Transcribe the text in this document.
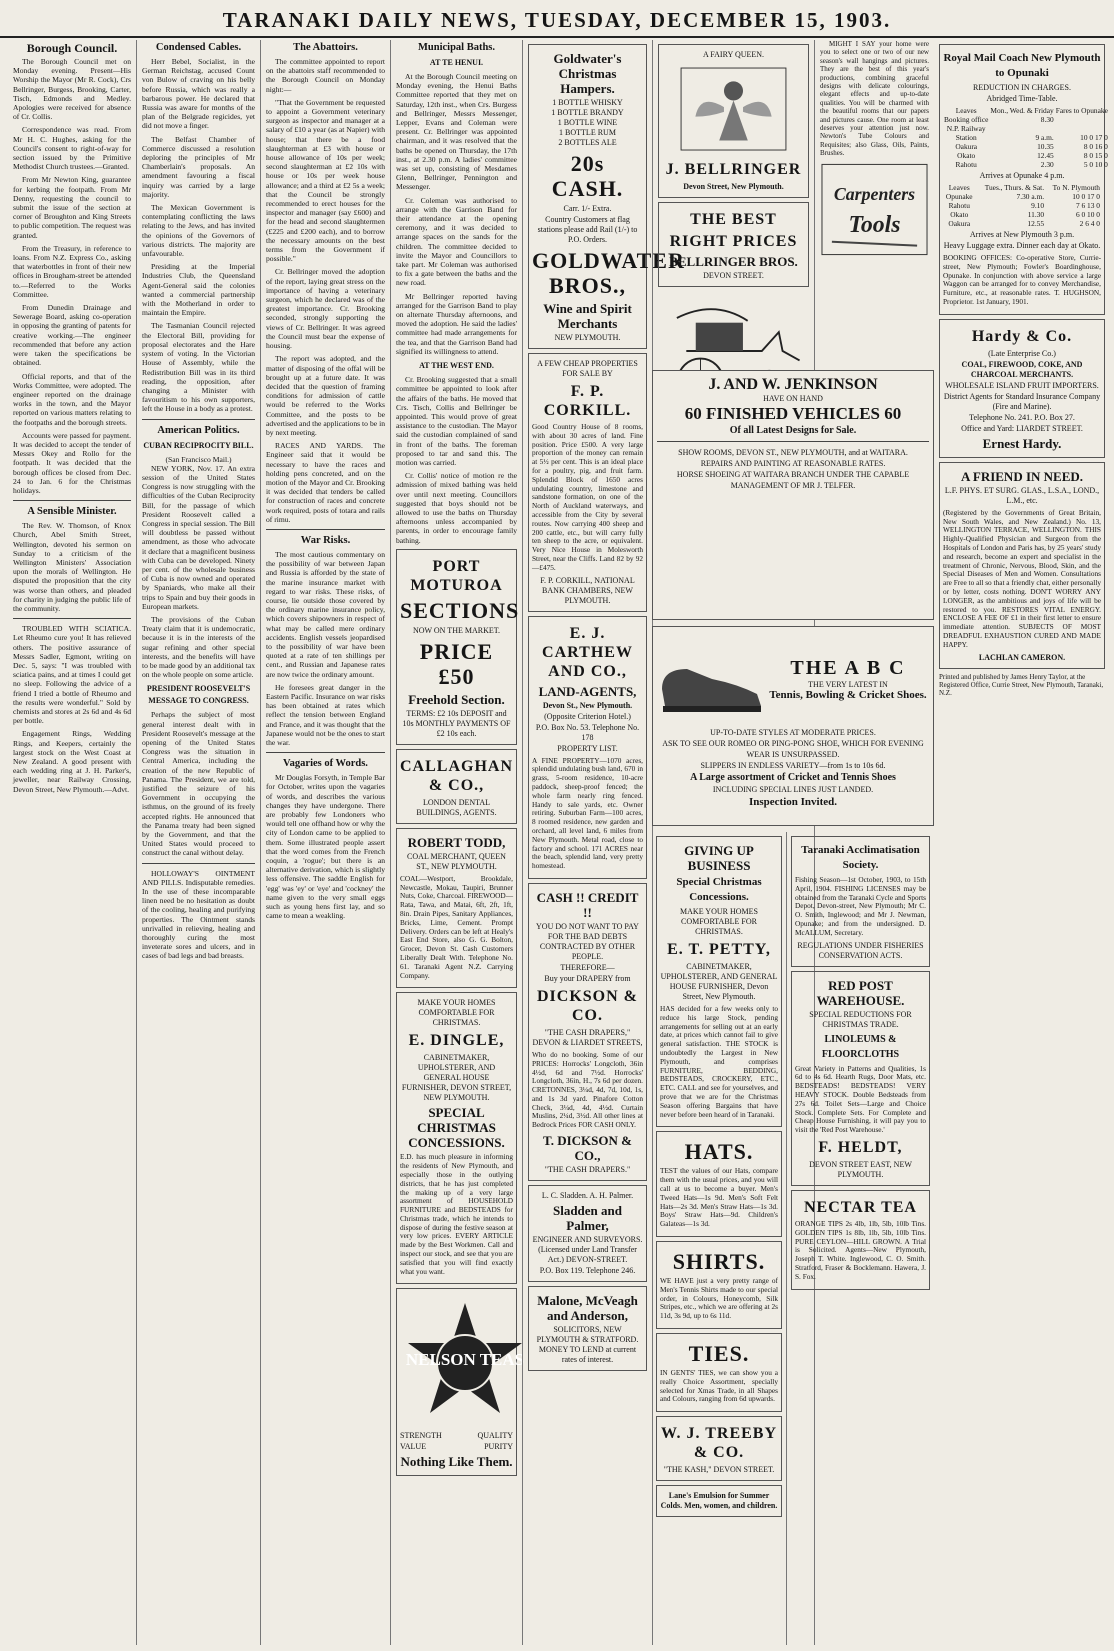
TARANAKI DAILY NEWS, TUESDAY, DECEMBER 15, 1903.
Borough Council.

The Borough Council met on Monday evening. Present—His Worship the Mayor (Mr R. Cock), Crs Bellringer, Burgess, Brooking, Carter, Tisch, Edmonds and Medley. Apologies were received for absence of Cr. Collis.

Correspondence was read. From Mr H. C. Hughes, asking for the Council's consent to right-of-way for section issued by the Primitive Methodist Church trustees.—Granted.

From Mr Newton King, guarantee for kerbing the footpath. From Mr Denny, requesting the council to submit the issue of the section at corner of Broughton and King Streets to public competition. The request was granted.

From the Treasury, in reference to loans. From N.Z. Express Co., asking that waterbottles in front of their new offices in Brougham-street be attended to.—Referred to the Works Committee.

From Dunedin Drainage and Sewerage Board, asking co-operation in opposing the granting of patents for creative working.—The engineer recommended that before any action were taken the specifications be obtained.

Official reports, and that of the Works Committee, were adopted. The engineer reported on the drainage works in the town, and the Mayor reported on various matters relating to the footpaths and the borough streets.

Accounts were passed for payment. It was decided to accept the tender of Messrs Okey and Rollo for the footpath. It was decided that the borough offices be closed from Dec. 24 to Jan. 6 for the Christmas holidays.

A Sensible Minister.

The Rev. W. Thomson, of Knox Church, Abel Smith Street, Wellington, devoted his sermon on Sunday to a criticism of the Wellington Ministers' Association upon the morals of Wellington. He disputed the proposition that the city was worse than others, and pleaded for charity in judging the public life of the community.

TROUBLED WITH SCIATICA. Let Rheumo cure you! It has relieved others. The positive assurance of Messrs Sadler, Egmont, writing on Dec. 5, says: "I was troubled with sciatica pains, and at times I could get no sleep. Following the advice of a friend I tried a bottle of Rheumo and the results were wonderful." Sold by chemists and stores at 2s 6d and 4s 6d per bottle.

Engagement Rings, Wedding Rings, and Keepers, certainly the largest stock on the West Coast at New Zealand. A good present with each wedding ring at J. H. Parker's, jeweller, near Railway Crossing, Devon Street, New Plymouth.—Advt.

Condensed Cables.

Herr Bebel, Socialist, in the German Reichstag, accused Count von Bulow of craving on his belly before Russia, which was really a barbarous power. He declared that Russia was aware for months of the plan of the Belgrade regicides, yet did not move a finger.

The Belfast Chamber of Commerce discussed a resolution deploring the principles of Mr Chamberlain's proposals. An amendment favouring a fiscal inquiry was carried by a large majority.

The Mexican Government is contemplating conflicting the laws relating to the Jews, and has invited the opinions of the Governors of various districts. The majority are unfavourable.

Presiding at the Imperial Industries Club, the Queensland Agent-General said the colonies wanted a commercial partnership with the Motherland in order to maintain the Empire.

The Tasmanian Council rejected the Electoral Bill, providing for proposal electorates and the Hare system of voting. In the Victorian House of Assembly, while the Redistribution Bill was in its third reading, the opposition, after changing a Minister with favouritism to his own supporters, left the House in a body as a protest.

American Politics.
CUBAN RECIPROCITY BILL.
(San Francisco Mail.)

NEW YORK, Nov. 17. An extra session of the United States Congress is now struggling with the difficulties of the Cuban Reciprocity Bill, for the passage of which President Roosevelt called a Congress in special session. The Bill will doubtless be passed without amendment, as those who advocate it declare that a magnificent business with Cuba can be developed. Ninety per cent. of the wholesale business of Cuba is now owned and operated by Spaniards, who make all their trips to Spain and buy their goods in European markets.

The provisions of the Cuban Treaty claim that it is undemocratic, because it is in the interests of the sugar refining and other special interests, and the benefits will have to be made good by an additional tax on the whole people on some article.

PRESIDENT ROOSEVELT'S MESSAGE TO CONGRESS.

Perhaps the subject of most general interest dealt with in President Roosevelt's message at the opening of the United States Congress was the situation in Central America, including the creation of the new Republic of Panama. The President, we are told, justified the seizure of his Government in occupying the isthmus, on the ground of its freely accepted rights. He announced that the Panama treaty had been signed by the Government, and that the United States would proceed to construct the canal without delay.

HOLLOWAY'S OINTMENT AND PILLS. Indisputable remedies. In the use of these incomparable linen need be no hesitation as doubt of the cooling, healing and purifying properties. The Ointment stands unrivalled in relieving, healing and thoroughly curing the most inveterate sores and ulcers, and in cases of bad legs and bad breasts.

The Abattoirs.

The committee appointed to report on the abattoirs staff recommended to the Borough Council on Monday night:—

"That the Government be requested to appoint a Government veterinary surgeon as inspector and manager at a salary of £10 a year (as at Napier) with house; that there be a food slaughterman at £3 with house or house allowance of 10s per week; second slaughterman at £2 10s with house or 10s per week house allowance; and a third at £2 5s a week; that the Council be strongly recommended to erect houses for the inspector and manager (say £600) and for the head and second slaughtermen (£225 and £200 each), and to borrow the necessary amounts on the best terms from the Government if possible."

Cr. Bellringer moved the adoption of the report, laying great stress on the importance of having a veterinary surgeon, which he declared was of the greatest importance. Cr. Brooking seconded, strongly supporting the views of Cr. Bellringer. It was agreed the Council must bear the expense of housing.

The report was adopted, and the matter of disposing of the offal will be brought up at a future date. It was decided that the question of framing conditions for admission of cattle would be referred to the Works Committee, and the posts to be advertised and the applications to be in by next meeting.

RACES AND YARDS. The Engineer said that it would be necessary to have the races and holding pens concreted, and on the motion of the Mayor and Cr. Brooking it was decided that tenders be called for construction of races and concrete work required, posts of totara and rails of rimu.

War Risks.

The most cautious commentary on the possibility of war between Japan and Russia is afforded by the state of the marine insurance market with regard to war risks. These risks, of course, lie outside those covered by the ordinary marine insurance policy, which covers shipowners in respect of what may be called mere ordinary accidents. English vessels jeopardised to the possibility of war have been quoted at a rate of ten shillings per cent., and Russian and Japanese rates are now twice the ordinary amount.

He foresees great danger in the Eastern Pacific. Insurance on war risks has been obtained at rates which reflect the tension between England and France, and it was thought that the Japanese would not be the ones to start the war.

Vagaries of Words.

Mr Douglas Forsyth, in Temple Bar for October, writes upon the vagaries of words, and describes the various changes they have undergone. There are probably few Londoners who would tell one offhand how or why the city of London came to be applied to them. Some illustrated people assert that the word comes from the French coquin, a 'rogue'; but there is an alternative derivation, which is slightly less offensive. The saddle English for 'egg' was 'ey' or 'eye' and 'cockney' the name given to the very small eggs such as young hens first lay, and so came to mean a weakling.

Municipal Baths.
AT TE HENUI.

At the Borough Council meeting on Monday evening, the Henui Baths Committee reported that they met on Saturday, 12th inst., when Crs. Burgess and Bellringer, Messrs Messenger, Lepper, Evans and Coleman were present. Cr. Bellringer was appointed chairman, and it was resolved that the baths be opened on Thursday, the 17th inst., at 2.30 p.m. A ladies' committee was set up, consisting of Mesdames Glenn, Bellringer, Pennington and Messenger.

Cr. Coleman was authorised to arrange with the Garrison Band for their attendance at the opening ceremony, and it was decided to arrange spaces on the sands for the children. The committee decided to invite the Mayor and Councillors to take part. Mr Coleman was authorised to fix a gate between the baths and the new road.

Mr Bellringer reported having arranged for the Garrison Band to play on alternate Thursday afternoons, and moved the adoption. He said the ladies' committee had made arrangements for the tea, and that the Garrison Band had signified its willingness to attend.

AT THE WEST END.

Cr. Brooking suggested that a small committee be appointed to look after the affairs of the baths. He moved that Crs. Tisch, Collis and Bellringer be appointed. This would prove of great assistance to the custodian. The Mayor said the custodian complained of sand in front of the baths. The foreman proposed to tar and sand this. The motion was carried.

Cr. Collis' notice of motion re the admission of mixed bathing was held over until next meeting. Councillors suggested that boys should not be allowed to use the baths on Thursday afternoons unless accompanied by parents, in order to encourage family bathing.

PORT MOTUROA
SECTIONS
NOW ON THE MARKET.
PRICE £50
Freehold Section.
TERMS: £2 10s DEPOSIT and 10s MONTHLY PAYMENTS OF £2 10s each.
CALLAGHAN & CO.,
LONDON DENTAL BUILDINGS, AGENTS.
ROBERT TODD,
COAL MERCHANT, QUEEN ST., NEW PLYMOUTH.
COAL—Westport, Brookdale, Newcastle, Mokau, Taupiri, Brunner Nuts, Coke, Charcoal. FIREWOOD—Rata, Tawa, and Matai, 6ft, 2ft, 1ft, 8in. Drain Pipes, Sanitary Appliances, Bricks, Lime, Cement. Prompt Delivery. Orders can be left at Healy's East End Store, also G. G. Bolton, Grocer, Devon St. Cash Customers Liberally Dealt With. Telephone No. 61. Taranaki Agent N.Z. Carrying Company.
MAKE YOUR HOMES COMFORTABLE FOR CHRISTMAS.
E. DINGLE,
CABINETMAKER, UPHOLSTERER, AND GENERAL HOUSE FURNISHER, DEVON STREET, NEW PLYMOUTH.
SPECIAL CHRISTMAS CONCESSIONS.
E.D. has much pleasure in informing the residents of New Plymouth, and especially those in the outlying districts, that he has just completed the making up of a very large assortment of HOUSEHOLD FURNITURE and BEDSTEADS for Christmas trade, which he intends to dispose of during the festive season at very low prices. EVERY ARTICLE made by the Best Workmen. Call and inspect our stock, and see that you are satisfied that you will find exactly what you want.
NELSON TEAS
STRENGTH	QUALITY
VALUE	PURITY
Nothing Like Them.
Goldwater's Christmas Hampers.
1 BOTTLE WHISKY
1 BOTTLE BRANDY
1 BOTTLE WINE
1 BOTTLE RUM
2 BOTTLES ALE
20s CASH.
Carr. 1/- Extra.
Country Customers at flag stations please add Rail (1/-) to P.O. Orders.
GOLDWATER BROS.,
Wine and Spirit Merchants
NEW PLYMOUTH.
A FEW CHEAP PROPERTIES FOR SALE BY
F. P. CORKILL.
Good Country House of 8 rooms, with about 30 acres of land. Fine position. Price £500. A very large proportion of the money can remain at 5½ per cent. This is an ideal place for a poultry, pig, and fruit farm. Splendid Block of 1650 acres undulating country, limestone and sandstone formation, on one of the North of Auckland waterways, and accessible from the City by several routes. Now carrying 400 sheep and 200 cattle, etc., but will carry fully ten sheep to the acre, or equivalent. Very Nice House in Molesworth Street, near the Cliffs. Land 82 by 92—£475.
F. P. CORKILL, NATIONAL BANK CHAMBERS, NEW PLYMOUTH.
E. J. CARTHEW AND CO.,
LAND-AGENTS,
Devon St., New Plymouth.
(Opposite Criterion Hotel.)
P.O. Box No. 53. Telephone No. 178
PROPERTY LIST.
A FINE PROPERTY—1070 acres, splendid undulating bush land, 670 in grass, 5-room residence, 10-acre paddock, sheep-proof fenced; the whole farm nearly ring fenced. Handy to sale yards, etc. Owner retiring. Suburban Farm—100 acres, 8 roomed residence, new garden and orchard, all level land, 6 miles from New Plymouth. Metal road, close to factory and school. 171 ACRES near the beach, splendid land, very pretty homestead.
CASH !! CREDIT !!
YOU DO NOT WANT TO PAY FOR THE BAD DEBTS CONTRACTED BY OTHER PEOPLE.
THEREFORE—
Buy your DRAPERY from
DICKSON & CO.
"THE CASH DRAPERS," DEVON & LIARDET STREETS,
Who do no booking. Some of our PRICES: Horrocks' Longcloth, 36in 4½d, 6d and 7½d. Horrocks' Longcloth, 36in, H., 7s 6d per dozen. CRETONNES, 3¼d, 4d, 7d, 10d, 1s, and 1s 3d yard. Pinafore Cotton Check, 3¼d, 4d, 4½d. Curtain Muslins, 2¼d, 3½d. All other lines at Bedrock Prices FOR CASH ONLY.
T. DICKSON & CO.,
"THE CASH DRAPERS."
L. C. Sladden. A. H. Palmer.
Sladden and Palmer,
ENGINEER AND SURVEYORS. (Licensed under Land Transfer Act.) DEVON-STREET.
P.O. Box 119. Telephone 246.
Malone, McVeagh and Anderson,
SOLICITORS, NEW PLYMOUTH & STRATFORD. MONEY TO LEND at current rates of interest.
A FAIRY QUEEN.
J. BELLRINGER
Devon Street, New Plymouth.
THE BEST
RIGHT PRICES
BELLRINGER BROS.
DEVON STREET.

MIGHT I SAY your home were you to select one or two of our new season's wall hangings and pictures. They are the best of this year's productions, combining graceful designs with delicate colourings, elegant effects and up-to-date qualities. You will be charmed with the beautiful rooms that our papers and pictures cause. One room at least deserves your attention just now. Newton's Tube Colours and Requisites; also Glass, Oils, Paints, Brushes.

Carpenters
Tools
J. AND W. JENKINSON
HAVE ON HAND
60 FINISHED VEHICLES 60
Of all Latest Designs for Sale.
SHOW ROOMS, DEVON ST., NEW PLYMOUTH, and at WAITARA.
REPAIRS AND PAINTING AT REASONABLE RATES.
HORSE SHOEING AT WAITARA BRANCH UNDER THE CAPABLE MANAGEMENT OF MR J. TELFER.
THE A B C
THE VERY LATEST IN
Tennis, Bowling & Cricket Shoes.
UP-TO-DATE STYLES AT MODERATE PRICES.
ASK TO SEE OUR ROMEO OR PING-PONG SHOE, WHICH FOR EVENING WEAR IS UNSURPASSED.
SLIPPERS IN ENDLESS VARIETY—from 1s to 10s 6d.
A Large assortment of Cricket and Tennis Shoes
INCLUDING SPECIAL LINES JUST LANDED.
Inspection Invited.
GIVING UP BUSINESS
Special Christmas Concessions.
MAKE YOUR HOMES COMFORTABLE FOR CHRISTMAS.
E. T. PETTY,
CABINETMAKER, UPHOLSTERER, AND GENERAL HOUSE FURNISHER, Devon Street, New Plymouth.
HAS decided for a few weeks only to reduce his large Stock, pending arrangements for selling out at an early date, at prices which cannot fail to give general satisfaction. THE STOCK is undoubtedly the Largest in New Plymouth, and comprises FURNITURE, BEDDING, BEDSTEADS, CROCKERY, ETC., ETC. CALL and see for yourselves, and prove that we are for the Christmas Season offering Bargains that have never before been heard of in Taranaki.
HATS.
TEST the values of our Hats, compare them with the usual prices, and you will call at us to become a buyer. Men's Tweed Hats—1s 9d. Men's Soft Felt Hats—2s 3d. Men's Straw Hats—1s 3d. Boys' Straw Hats—9d. Children's Galateas—1s 3d.
SHIRTS.
WE HAVE just a very pretty range of Men's Tennis Shirts made to our special order, in Colours, Honeycomb, Silk Stripes, etc., which we are offering at 2s 11d, 3s 9d, up to 6s 11d.
TIES.
IN GENTS' TIES, we can show you a really Choice Assortment, specially selected for Xmas Trade, in all Shapes and Colours, ranging from 6d upwards.
W. J. TREEBY & CO.
"THE KASH," DEVON STREET.
Lane's Emulsion for Summer Colds. Men, women, and children.
Taranaki Acclimatisation Society.
Fishing Season—1st October, 1903, to 15th April, 1904. FISHING LICENSES may be obtained from the Taranaki Cycle and Sports Depot, Devon-street, New Plymouth; Mr C. O. Smith, Inglewood; and Mr J. Newman, Opunake; and from the undersigned. D. McALLUM, Secretary.
REGULATIONS UNDER FISHERIES CONSERVATION ACTS.
RED POST WAREHOUSE.
SPECIAL REDUCTIONS FOR CHRISTMAS TRADE.
LINOLEUMS & FLOORCLOTHS
Great Variety in Patterns and Qualities, 1s 6d to 4s 6d. Hearth Rugs, Door Mats, etc. BEDSTEADS! BEDSTEADS! VERY HEAVY STOCK. Double Bedsteads from 27s 6d. Toilet Sets—Large and Choice Stock. Complete Sets. For Complete and Cheap House Furnishing, it will pay you to visit the 'Red Post Warehouse.'
F. HELDT,
DEVON STREET EAST, NEW PLYMOUTH.
NECTAR TEA
ORANGE TIPS 2s 4lb, 1lb, 5lb, 10lb Tins. GOLDEN TIPS 1s 8lb, 1lb, 5lb, 10lb Tins. PURE CEYLON—HILL GROWN. A Trial is Solicited. Agents—New Plymouth, Joseph T. White. Inglewood, C. O. Smith. Stratford, Fraser & Bocklemann. Hawera, J. S. Fox.
Royal Mail Coach New Plymouth to Opunaki
REDUCTION IN CHARGES.
Abridged Time-Table.
Leaves	Mon., Wed. & Friday	Fares to Opunake
Booking office	8.30	
N.P. Railway		
Station	9 a.m.	10 0 17 0
Oakura	10.35	8 0 16 0
Okato	12.45	8 0 15 0
Rahotu	2.30	5 0 10 0
Arrives at Opunake 4 p.m.
Leaves	Tues., Thurs. & Sat.	To N. Plymouth
Opunake	7.30 a.m.	10 0 17 0
Rahotu	9.10	7 6 13 0
Okato	11.30	6 0 10 0
Oakura	12.55	2 6 4 0
Arrives at New Plymouth 3 p.m.
Heavy Luggage extra. Dinner each day at Okato.
BOOKING OFFICES: Co-operative Store, Currie-street, New Plymouth; Fowler's Boardinghouse, Opunake. In conjunction with above service a large Waggon can be arranged for to convey Merchandise, Furniture, etc., at reasonable rates. T. HUGHSON, Proprietor. 1st January, 1901.
Hardy & Co.
(Late Enterprise Co.)
COAL, FIREWOOD, COKE, AND CHARCOAL MERCHANTS.
WHOLESALE ISLAND FRUIT IMPORTERS.
District Agents for Standard Insurance Company (Fire and Marine).
Telephone No. 241. P.O. Box 27.
Office and Yard: LIARDET STREET.
Ernest Hardy.
A FRIEND IN NEED.
L.F. PHYS. ET SURG. GLAS., L.S.A., LOND., L.M., etc.
(Registered by the Governments of Great Britain, New South Wales, and New Zealand.) No. 13, WELLINGTON TERRACE, WELLINGTON. THIS Highly-Qualified Physician and Surgeon from the Hospitals of London and Paris has, by 25 years' study and research, become an expert and specialist in the treatment of Chronic, Nervous, Blood, Skin, and the Special Diseases of Men and Women. Consultations are Free to all so that a friendly chat, either personally or by letter, costs nothing. DON'T WORRY ANY LONGER, as the ambitious and joys of life will be restored to you. RESTORES VITAL ENERGY. ENCLOSE A FEE OF £1 in their first letter to ensure immediate attention. SUBJECTS OF MOST DREADFUL EXHAUSTION CURED AND MADE HAPPY.
LACHLAN CAMERON.
Printed and published by James Henry Taylor, at the Registered Office, Currie Street, New Plymouth, Taranaki, N.Z.
